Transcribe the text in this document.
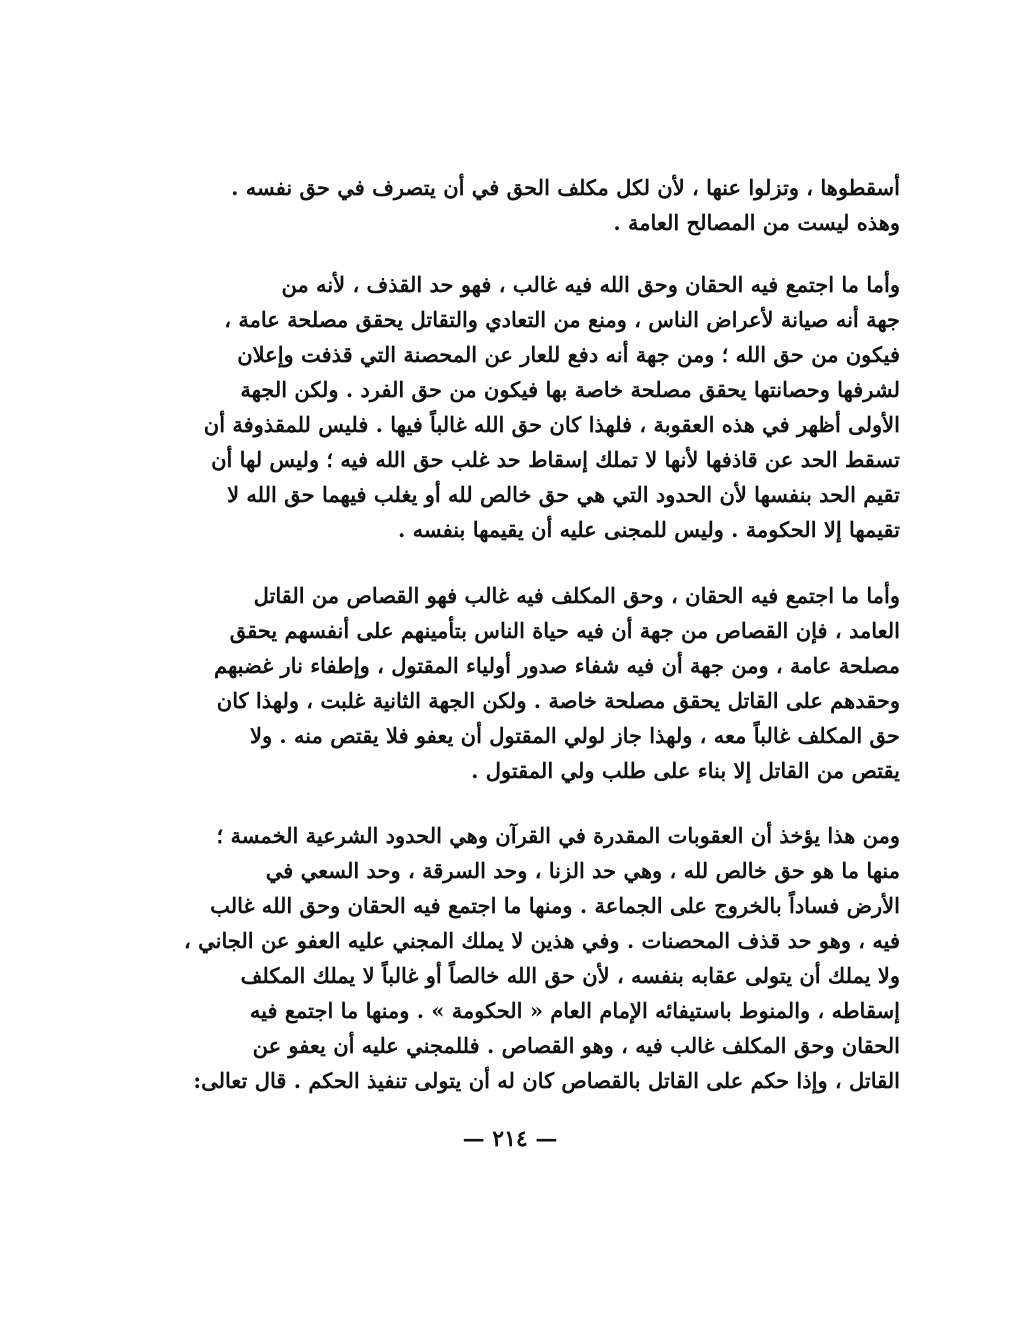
أسقطوها ، وتزلوا عنها ، لأن لكل مكلف الحق في أن يتصرف في حق نفسه .
وهذه ليست من المصالح العامة .
وأما ما اجتمع فيه الحقان وحق الله فيه غالب ، فهو حد القذف ، لأنه من
جهة أنه صيانة لأعراض الناس ، ومنع من التعادي والتقاتل يحقق مصلحة عامة ،
فيكون من حق الله ؛ ومن جهة أنه دفع للعار عن المحصنة التي قذفت وإعلان
لشرفها وحصانتها يحقق مصلحة خاصة بها فيكون من حق الفرد . ولكن الجهة
الأولى أظهر في هذه العقوبة ، فلهذا كان حق الله غالباً فيها . فليس للمقذوفة أن
تسقط الحد عن قاذفها لأنها لا تملك إسقاط حد غلب حق الله فيه ؛ وليس لها أن
تقيم الحد بنفسها لأن الحدود التي هي حق خالص لله أو يغلب فيهما حق الله لا
تقيمها إلا الحكومة . وليس للمجنى عليه أن يقيمها بنفسه .
وأما ما اجتمع فيه الحقان ، وحق المكلف فيه غالب فهو القصاص من القاتل
العامد ، فإن القصاص من جهة أن فيه حياة الناس بتأمينهم على أنفسهم يحقق
مصلحة عامة ، ومن جهة أن فيه شفاء صدور أولياء المقتول ، وإطفاء نار غضبهم
وحقدهم على القاتل يحقق مصلحة خاصة . ولكن الجهة الثانية غلبت ، ولهذا كان
حق المكلف غالباً معه ، ولهذا جاز لولي المقتول أن يعفو فلا يقتص منه . ولا
يقتص من القاتل إلا بناء على طلب ولي المقتول .
ومن هذا يؤخذ أن العقوبات المقدرة في القرآن وهي الحدود الشرعية الخمسة ؛
منها ما هو حق خالص لله ، وهي حد الزنا ، وحد السرقة ، وحد السعي في
الأرض فساداً بالخروج على الجماعة . ومنها ما اجتمع فيه الحقان وحق الله غالب
فيه ، وهو حد قذف المحصنات . وفي هذين لا يملك المجني عليه العفو عن الجاني ،
ولا يملك أن يتولى عقابه بنفسه ، لأن حق الله خالصاً أو غالباً لا يملك المكلف
إسقاطه ، والمنوط باستيفائه الإمام العام « الحكومة » . ومنها ما اجتمع فيه
الحقان وحق المكلف غالب فيه ، وهو القصاص . فللمجني عليه أن يعفو عن
القاتل ، وإذا حكم على القاتل بالقصاص كان له أن يتولى تنفيذ الحكم . قال تعالى:
— ٢١٤ —
